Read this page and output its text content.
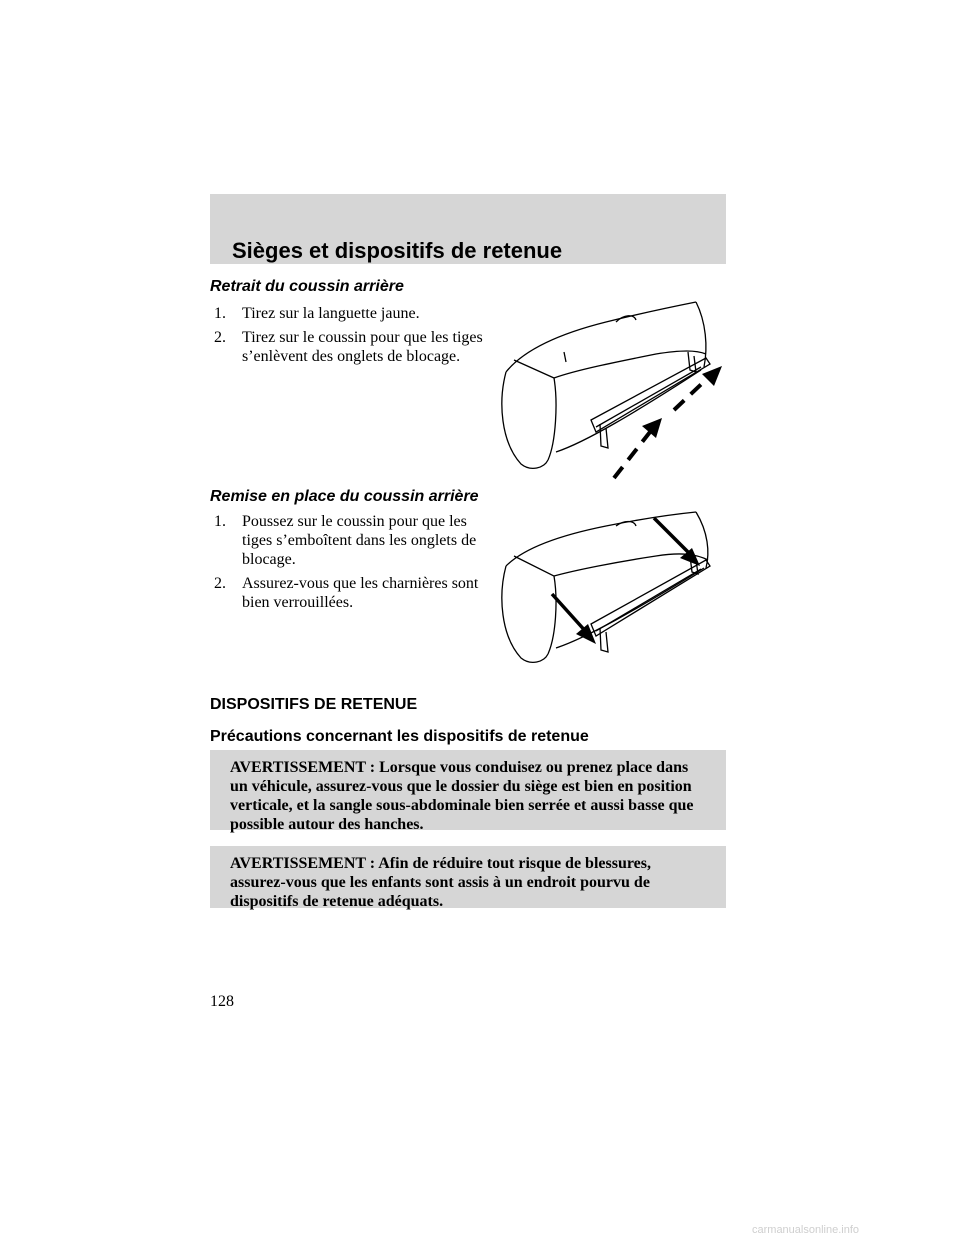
Sièges et dispositifs de retenue
Retrait du coussin arrière
1. Tirez sur la languette jaune.
2. Tirez sur le coussin pour que les tiges s’enlèvent des onglets de blocage.
Remise en place du coussin arrière
1. Poussez sur le coussin pour que les tiges s’emboîtent dans les onglets de blocage.
2. Assurez-vous que les charnières sont bien verrouillées.
DISPOSITIFS DE RETENUE
Précautions concernant les dispositifs de retenue
AVERTISSEMENT : Lorsque vous conduisez ou prenez place dans un véhicule, assurez-vous que le dossier du siège est bien en position verticale, et la sangle sous-abdominale bien serrée et aussi basse que possible autour des hanches.
AVERTISSEMENT : Afin de réduire tout risque de blessures, assurez-vous que les enfants sont assis à un endroit pourvu de dispositifs de retenue adéquats.
128
carmanualsonline.info
